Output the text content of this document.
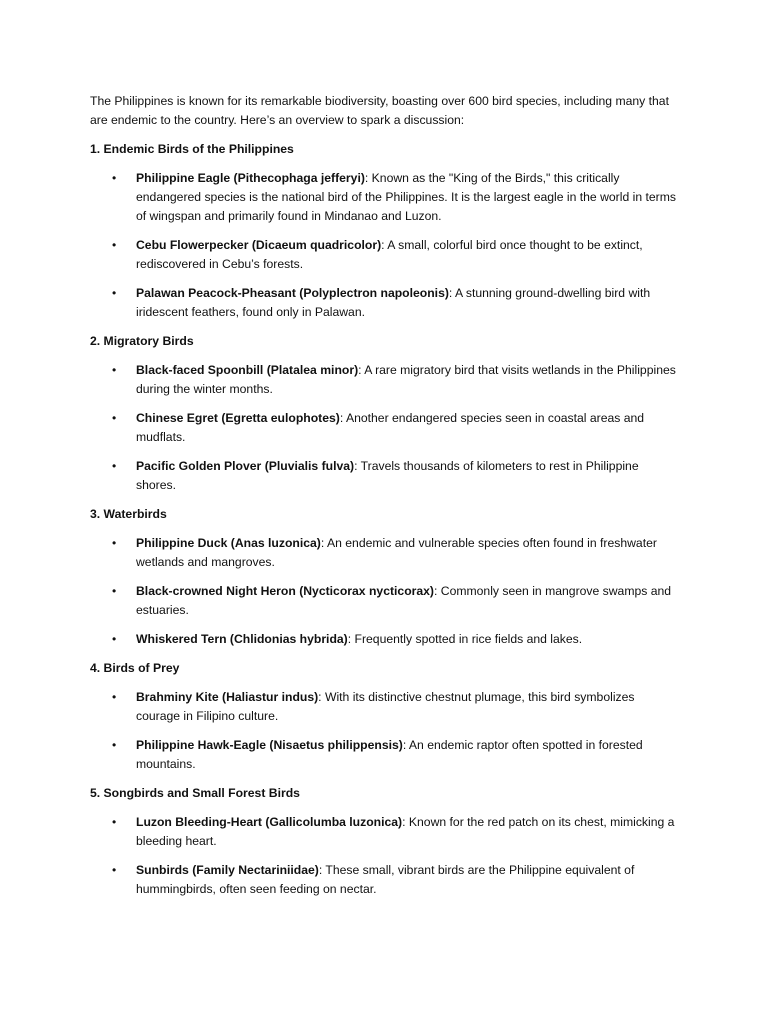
The Philippines is known for its remarkable biodiversity, boasting over 600 bird species, including many that are endemic to the country. Here’s an overview to spark a discussion:

1. Endemic Birds of the Philippines
• Philippine Eagle (Pithecophaga jefferyi): Known as the "King of the Birds," this critically endangered species is the national bird of the Philippines. It is the largest eagle in the world in terms of wingspan and primarily found in Mindanao and Luzon.
• Cebu Flowerpecker (Dicaeum quadricolor): A small, colorful bird once thought to be extinct, rediscovered in Cebu’s forests.
• Palawan Peacock-Pheasant (Polyplectron napoleonis): A stunning ground-dwelling bird with iridescent feathers, found only in Palawan.
2. Migratory Birds
• Black-faced Spoonbill (Platalea minor): A rare migratory bird that visits wetlands in the Philippines during the winter months.
• Chinese Egret (Egretta eulophotes): Another endangered species seen in coastal areas and mudflats.
• Pacific Golden Plover (Pluvialis fulva): Travels thousands of kilometers to rest in Philippine shores.
3. Waterbirds
• Philippine Duck (Anas luzonica): An endemic and vulnerable species often found in freshwater wetlands and mangroves.
• Black-crowned Night Heron (Nycticorax nycticorax): Commonly seen in mangrove swamps and estuaries.
• Whiskered Tern (Chlidonias hybrida): Frequently spotted in rice fields and lakes.
4. Birds of Prey
• Brahminy Kite (Haliastur indus): With its distinctive chestnut plumage, this bird symbolizes courage in Filipino culture.
• Philippine Hawk-Eagle (Nisaetus philippensis): An endemic raptor often spotted in forested mountains.
5. Songbirds and Small Forest Birds
• Luzon Bleeding-Heart (Gallicolumba luzonica): Known for the red patch on its chest, mimicking a bleeding heart.
• Sunbirds (Family Nectariniidae): These small, vibrant birds are the Philippine equivalent of hummingbirds, often seen feeding on nectar.
